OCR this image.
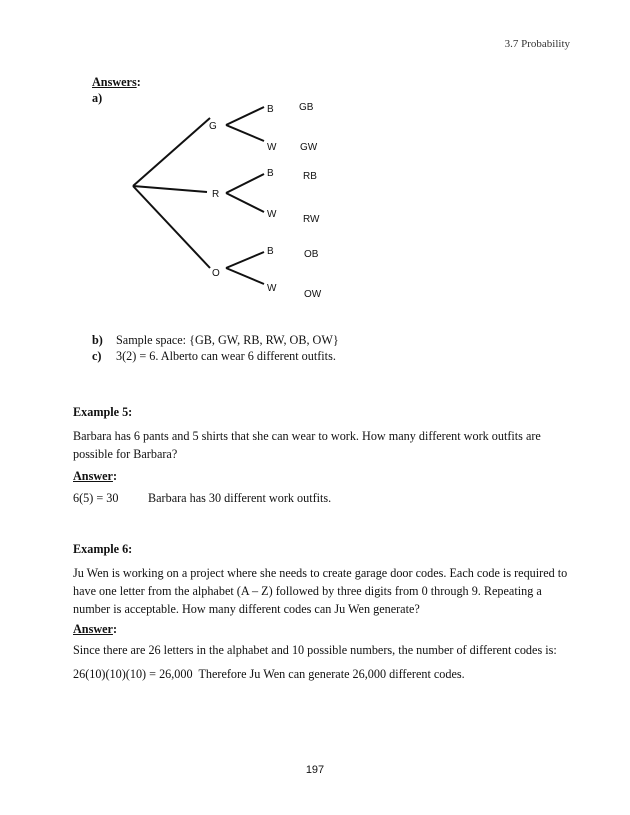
3.7 Probability
Answers:
a)
G
R
O
B
W
B
W
B
W
GB
GW
RB
RW
OB
OW
b) Sample space: {GB, GW, RB, RW, OB, OW}
c) 3(2) = 6. Alberto can wear 6 different outfits.
Example 5:
Barbara has 6 pants and 5 shirts that she can wear to work. How many different work outfits are possible for Barbara?
Answer:
6(5) = 30 Barbara has 30 different work outfits.
Example 6:
Ju Wen is working on a project where she needs to create garage door codes. Each code is required to have one letter from the alphabet (A – Z) followed by three digits from 0 through 9. Repeating a number is acceptable. How many different codes can Ju Wen generate?
Answer:
Since there are 26 letters in the alphabet and 10 possible numbers, the number of different codes is:
26(10)(10)(10) = 26,000  Therefore Ju Wen can generate 26,000 different codes.
197
